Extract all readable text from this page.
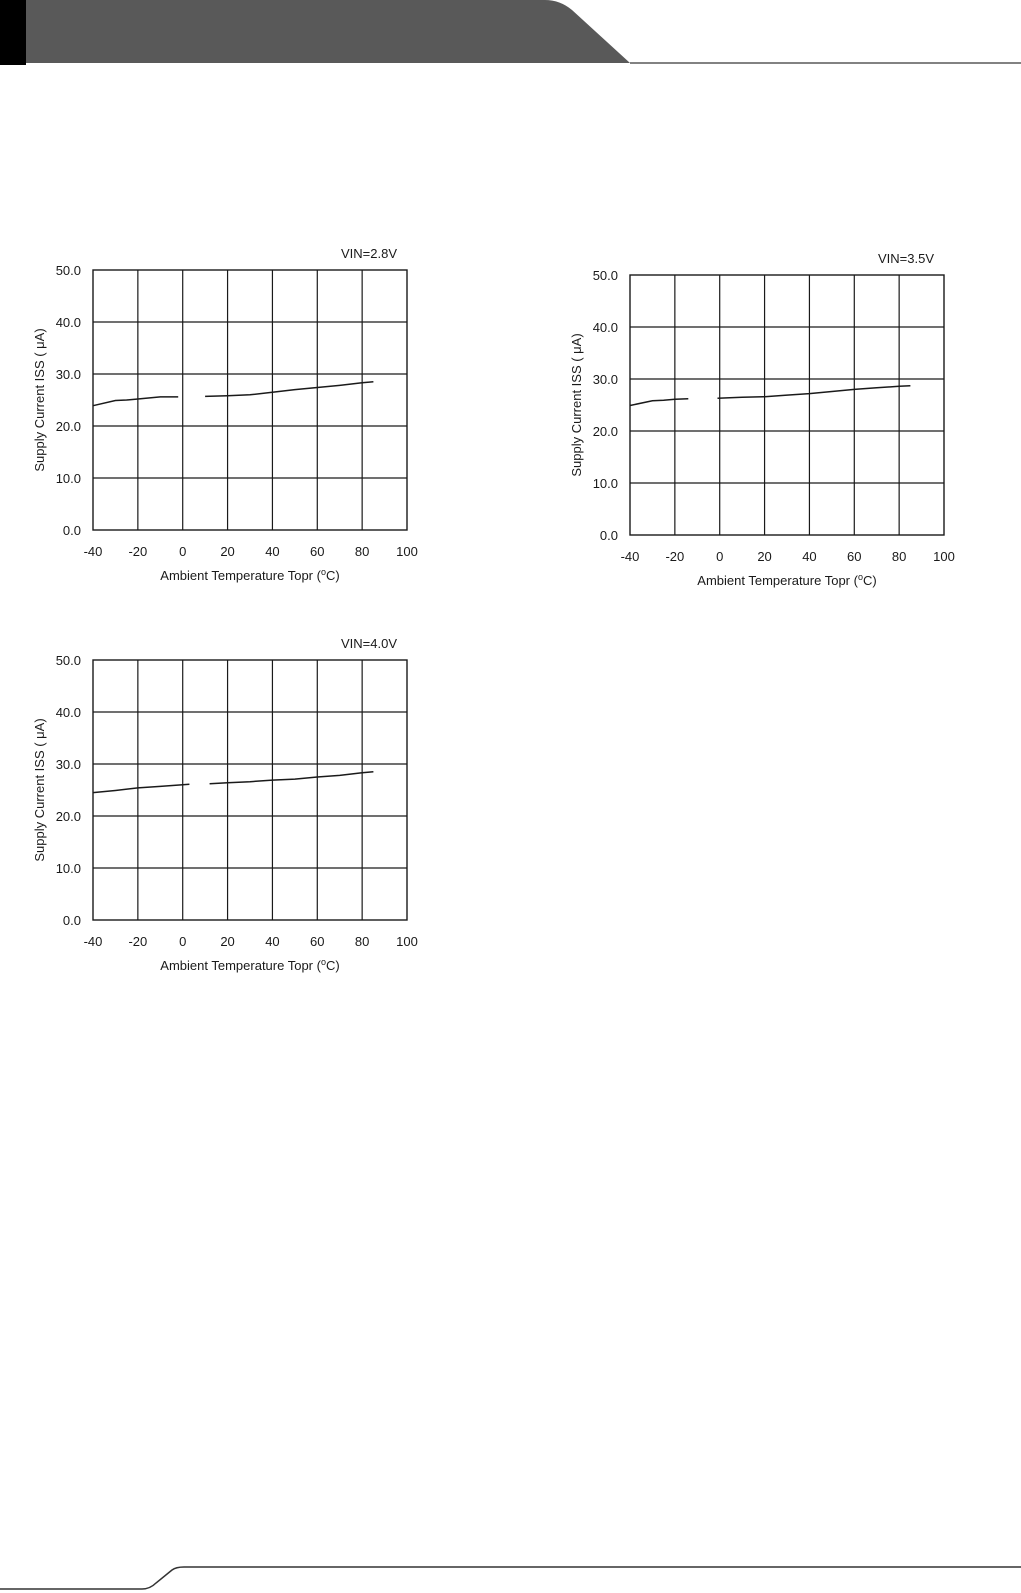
-40 -20 0	20 40 60 80 100
0.0
10.0
20.0
30.0
40.0
50.0
VIN=2.8V
Ambient Temperature Topr ($^o$C)
Supply Current ISS ( μA)
-40 -20 0	20 40 60 80 100
0.0
10.0
20.0
30.0
40.0
50.0
VIN=3.5V
Ambient Temperature Topr ($^o$C)
Supply Current ISS ( μA)
-40 -20 0	20 40 60 80 100
0.0
10.0
20.0
30.0
40.0
50.0
VIN=4.0V
Ambient Temperature Topr ($^o$C)
Supply Current ISS ( μA)
